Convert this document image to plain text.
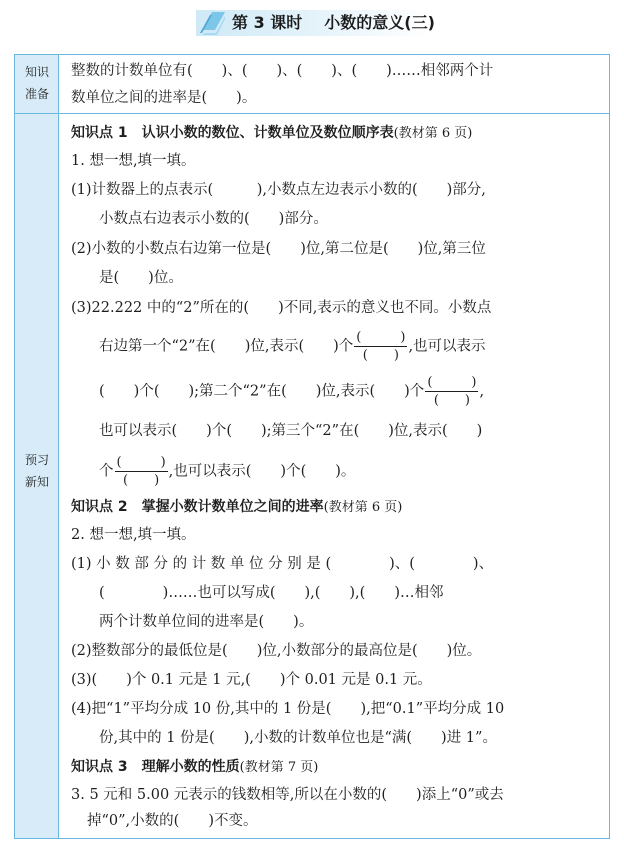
第 3 课时 小数的意义(三)
知识
准备
预习
新知
整数的计数单位有(　　)、(　　)、(　　)、(　　)……相邻两个计
数单位之间的进率是(　　)。
知识点 1　认识小数的数位、计数单位及数位顺序表(教材第 6 页)
1. 想一想,填一填。
(1)计数器上的点表示(　　　),小数点左边表示小数的(　　)部分,
小数点右边表示小数的(　　)部分。
(2)小数的小数点右边第一位是(　　)位,第二位是(　　)位,第三位
是(　　)位。
(3)22.222 中的“2”所在的(　　)不同,表示的意义也不同。小数点
右边第一个“2”在(　　)位,表示(　　)个 $\frac{( )}{( )}$ ,也可以表示
(　　)个(　　);第二个“2”在(　　)位,表示(　　)个 $\frac{( )}{( )}$ ,
也可以表示(　　)个(　　);第三个“2”在(　　)位,表示(　　)
个 $\frac{( )}{( )}$ ,也可以表示(　　)个(　　)。
知识点 2　掌握小数计数单位之间的进率(教材第 6 页)
2. 想一想,填一填。
(1) 小 数 部 分 的 计 数 单 位 分 别 是 (　　　　)、(　　　　)、
(　　　　)……也可以写成(　　),(　　),(　　)…相邻
两个计数单位间的进率是(　　)。
(2)整数部分的最低位是(　　)位,小数部分的最高位是(　　)位。
(3)(　　)个 0.1 元是 1 元,(　　)个 0.01 元是 0.1 元。
(4)把“1”平均分成 10 份,其中的 1 份是(　　),把“0.1”平均分成 10
份,其中的 1 份是(　　),小数的计数单位也是“满(　　)进 1”。
知识点 3　理解小数的性质(教材第 7 页)
3. 5 元和 5.00 元表示的钱数相等,所以在小数的(　　)添上“0”或去
掉“0”,小数的(　　)不变。
